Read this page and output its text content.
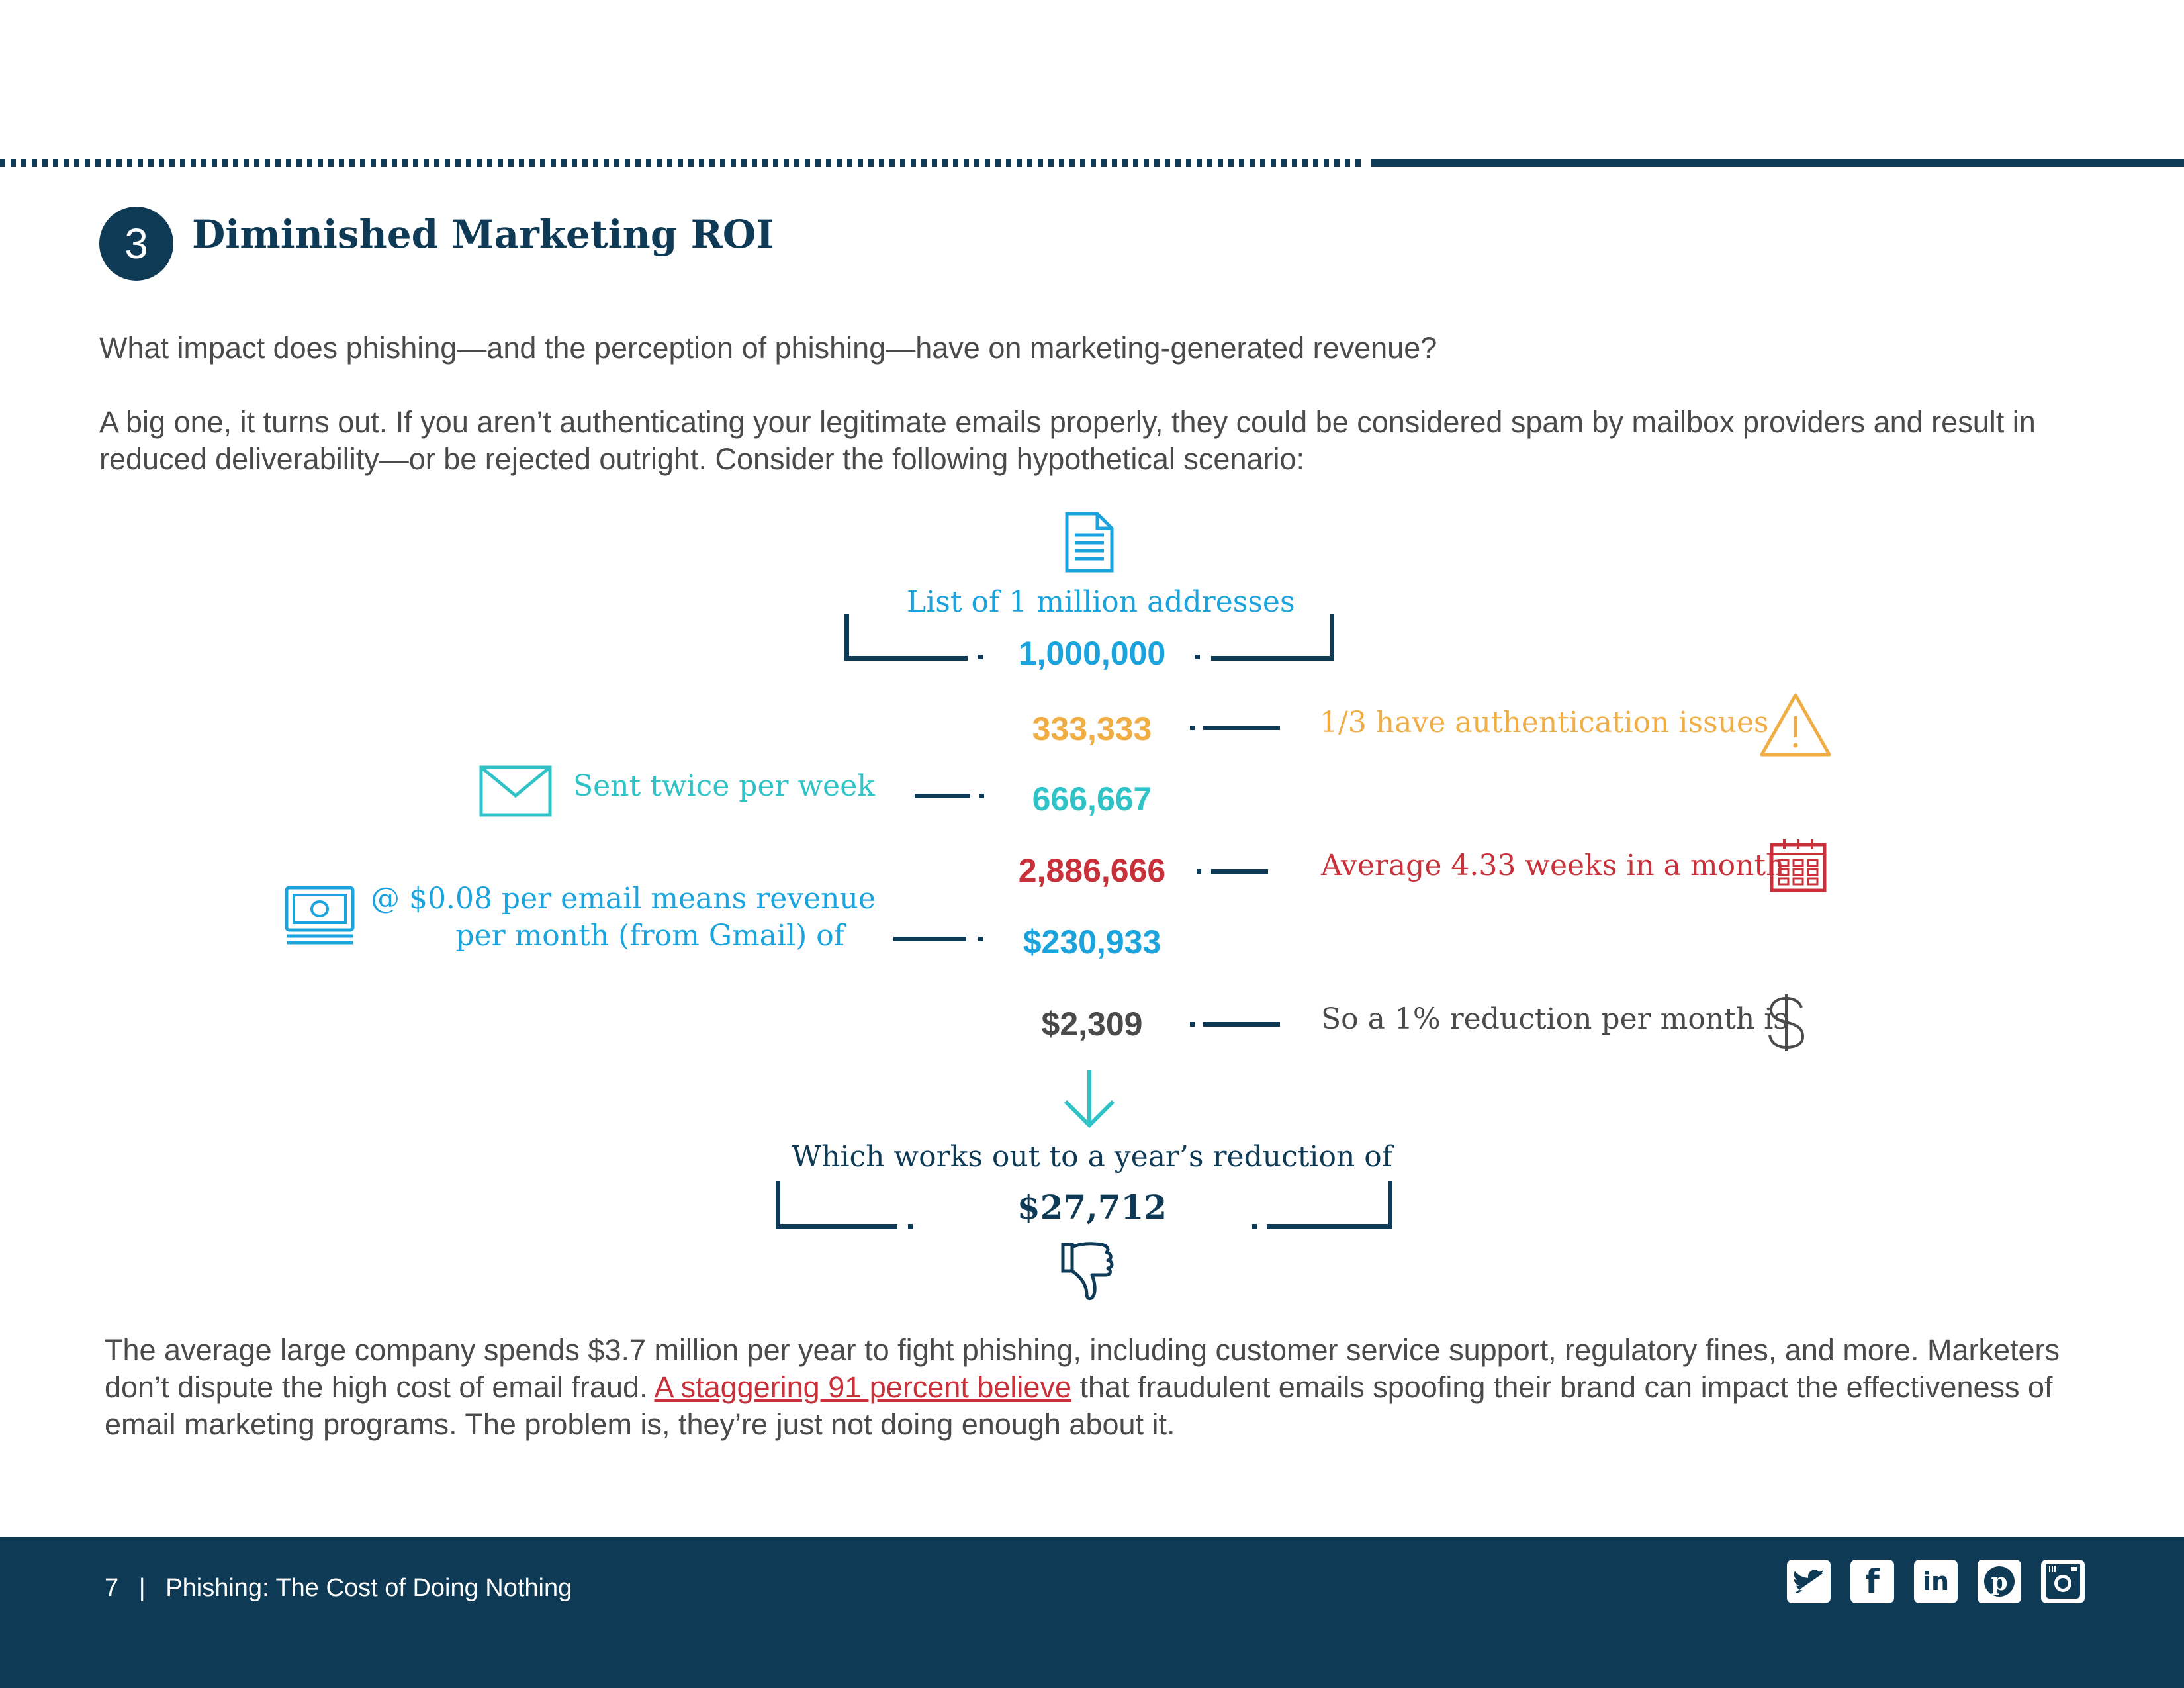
3	Diminished Marketing ROI
What impact does phishing—and the perception of phishing—have on marketing-generated revenue?
A big one, it turns out. If you aren’t authenticating your legitimate emails properly, they could be considered spam by mailbox providers and result in reduced deliverability—or be rejected outright. Consider the following hypothetical scenario:
List of 1 million addresses
1,000,000
333,333	1/3 have authentication issues
Sent twice per week	666,667
2,886,666	Average 4.33 weeks in a month
@ $0.08 per email means revenue
per month (from Gmail) of	$230,933
$2,309	So a 1% reduction per month is
Which works out to a year’s reduction of
$27,712
The average large company spends $3.7 million per year to fight phishing, including customer service support, regulatory fines, and more. Marketers don’t dispute the high cost of email fraud. A staggering 91 percent believe that fraudulent emails spoofing their brand can impact the effectiveness of email marketing programs. The problem is, they’re just not doing enough about it.
7 | Phishing: The Cost of Doing Nothing	f in p
